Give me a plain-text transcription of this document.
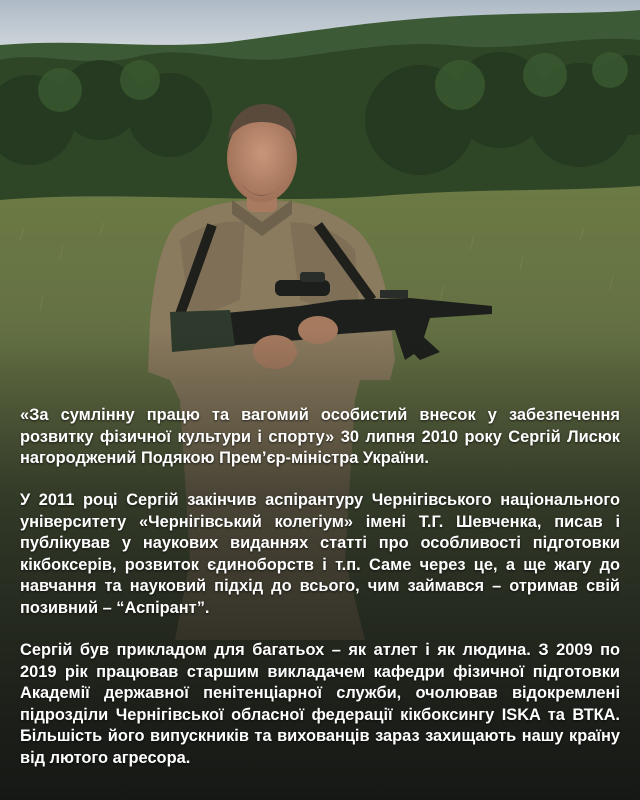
«За сумлінну працю та вагомий особистий внесок у забезпечення розвитку фізичної культури і спорту» 30 липня 2010 року Сергій Лисюк нагороджений Подякою Прем’єр-міністра України.

У 2011 році Сергій закінчив аспірантуру Чернігівського національного університету «Чернігівський колегіум» імені Т.Г. Шевченка, писав і публікував у наукових виданнях статті про особливості підготовки кікбоксерів, розвиток єдиноборств і т.п. Саме через це, а ще жагу до навчання та науковий підхід до всього, чим займався – отримав свій позивний – “Аспірант”.

Сергій був прикладом для багатьох – як атлет і як людина. З 2009 по 2019 рік працював старшим викладачем кафедри фізичної підготовки Академії державної пенітенціарної служби, очолював відокремлені підрозділи Чернігівської обласної федерації кікбоксингу ISKA та ВТКА. Більшість його випускників та вихованців зараз захищають нашу країну від лютого агресора.
